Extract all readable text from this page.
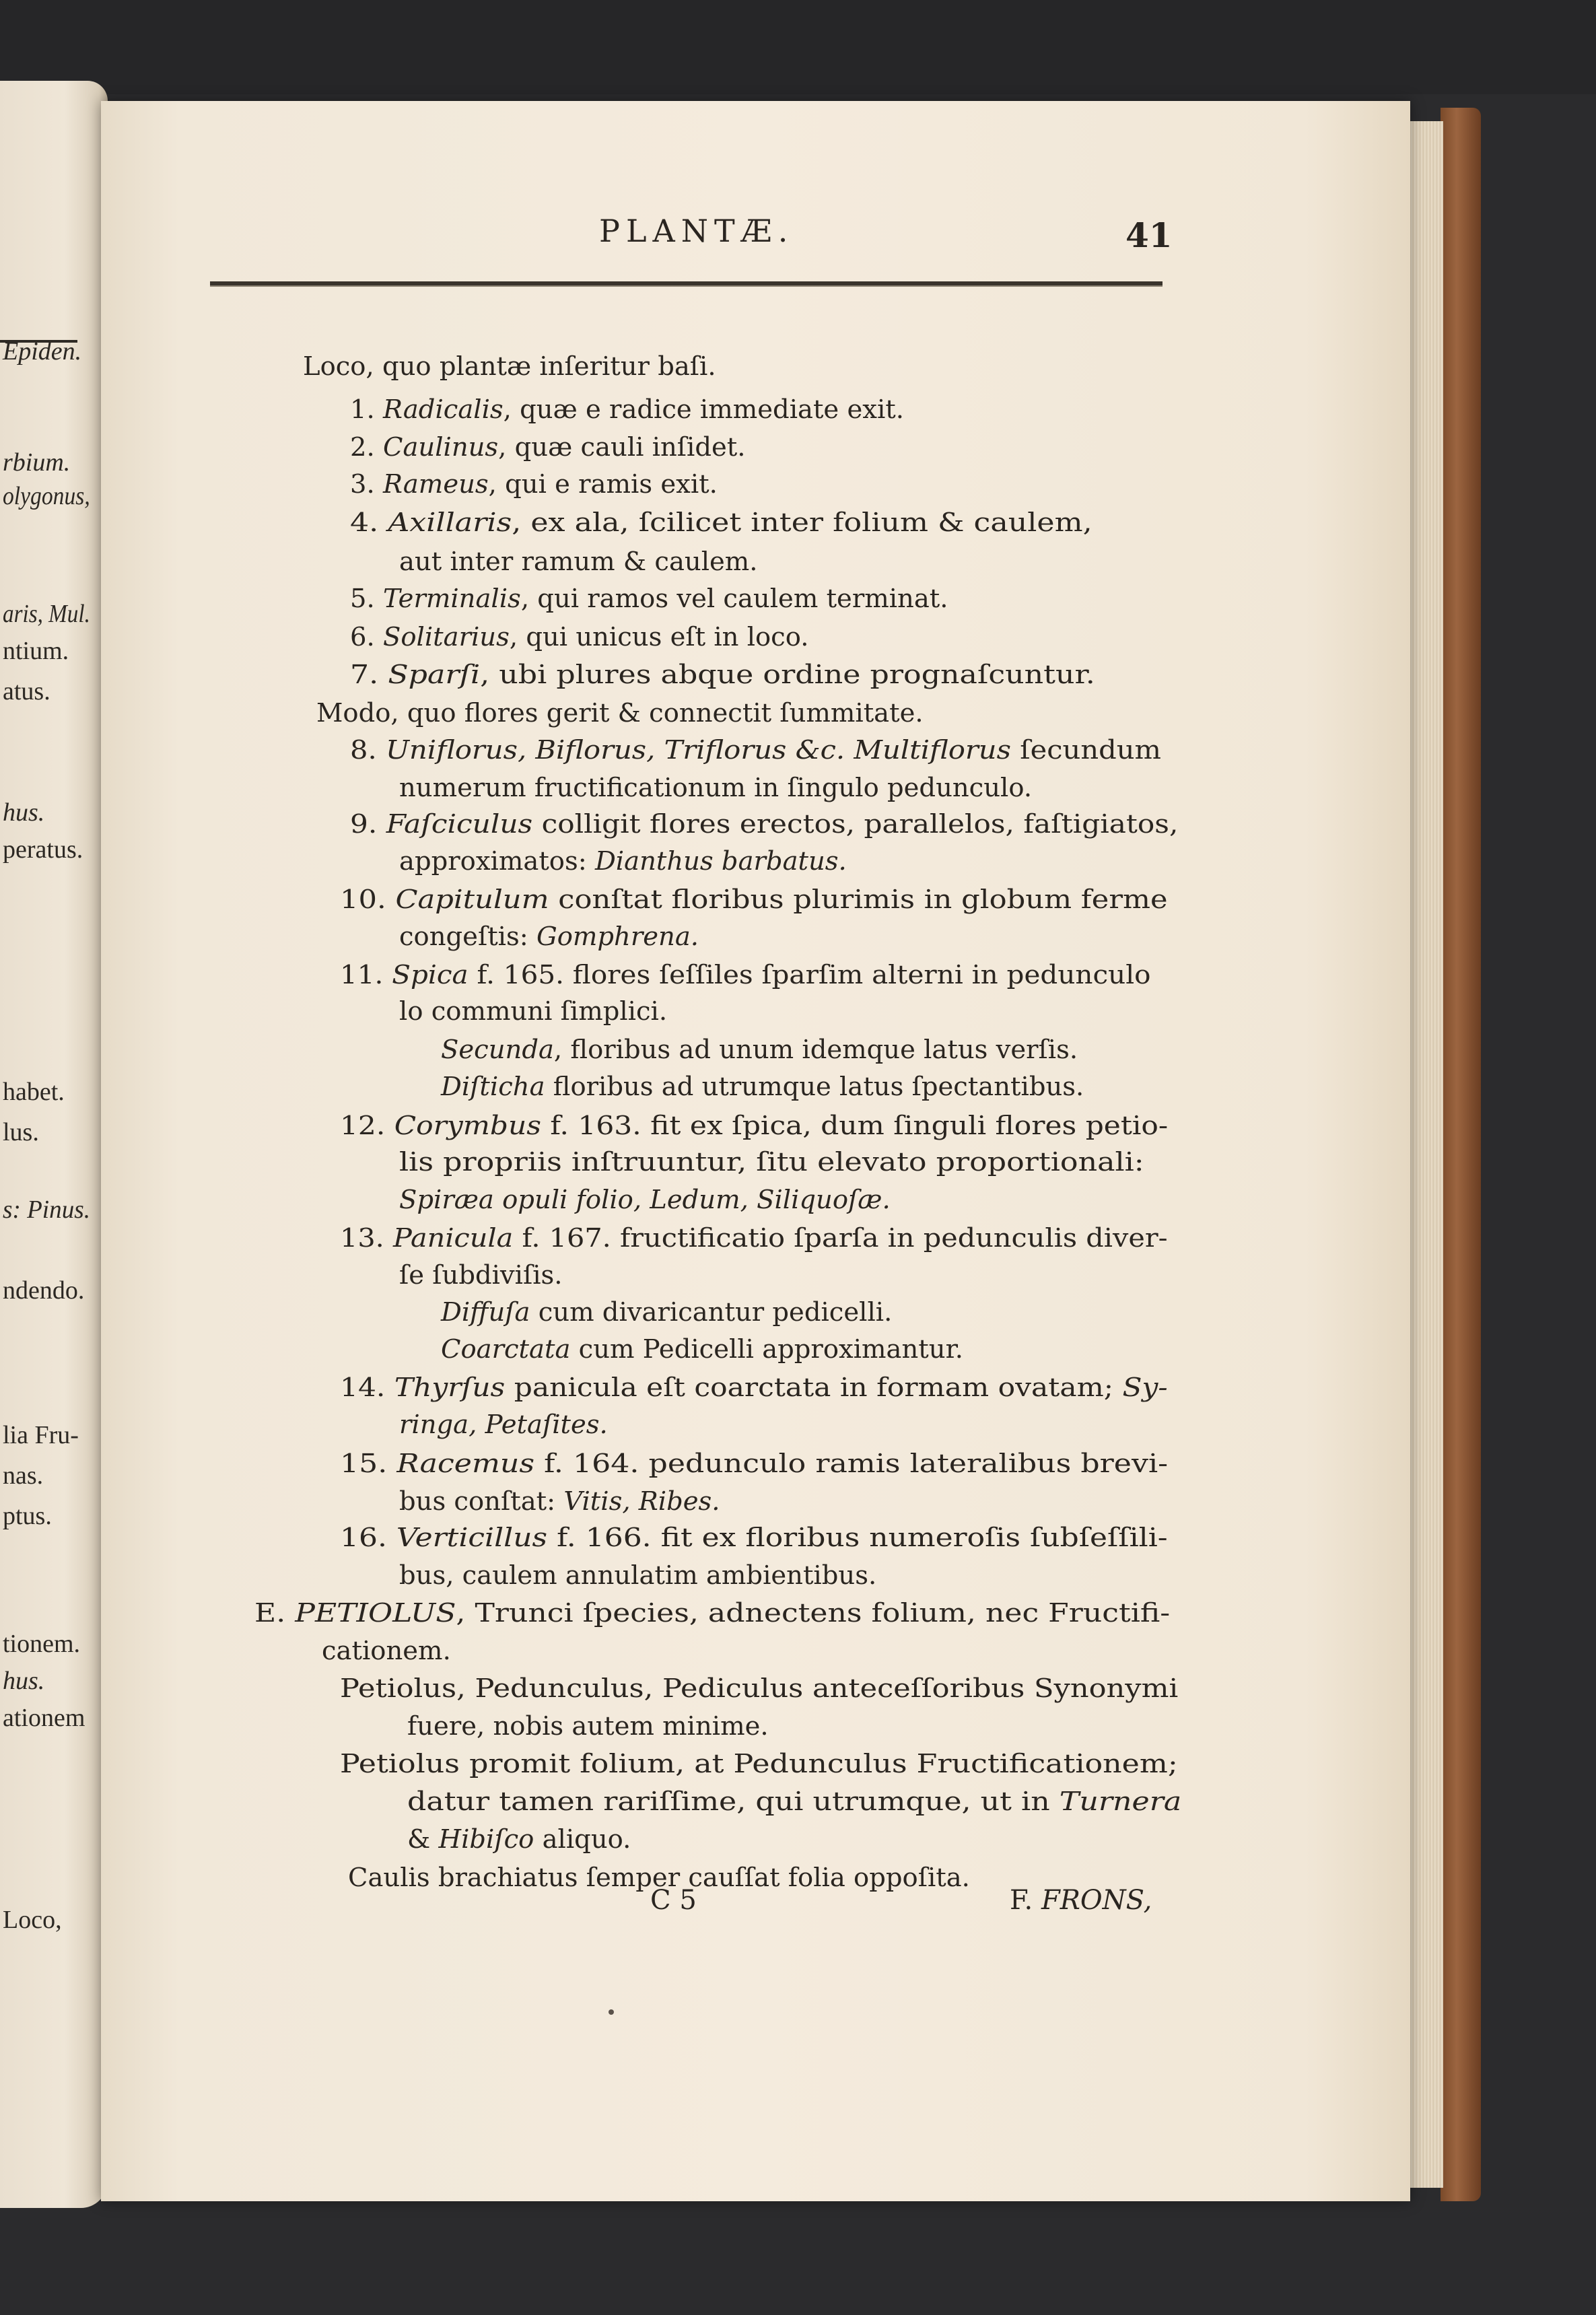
Epiden.
rbium.
olygonus,
aris, Mul.
ntium.
atus.
hus.
peratus.
habet.
lus.
s: Pinus.
ndendo.
lia Fru-
nas.
ptus.
tionem.
hus.
ationem
Loco,
PLANTÆ.	41
Loco, quo plantæ inſeritur baſi.
1. Radicalis, quæ e radice immediate exit.
2. Caulinus, quæ cauli inſidet.
3. Rameus, qui e ramis exit.
4. Axillaris, ex ala, ſcilicet inter folium & caulem,
aut inter ramum & caulem.
5. Terminalis, qui ramos vel caulem terminat.
6. Solitarius, qui unicus eſt in loco.
7. Sparſi, ubi plures abque ordine prognaſcuntur.
Modo, quo flores gerit & connectit ſummitate.
8. Uniflorus, Biflorus, Triflorus &c. Multiflorus ſecundum
numerum fructificationum in ſingulo pedunculo.
9. Faſciculus colligit flores erectos, parallelos, faſtigiatos,
approximatos: Dianthus barbatus.
10. Capitulum conſtat floribus plurimis in globum ferme
congeſtis: Gomphrena.
11. Spica f. 165. flores ſeſſiles ſparſim alterni in pedunculo
lo communi ſimplici.
Secunda, floribus ad unum idemque latus verſis.
Diſticha floribus ad utrumque latus ſpectantibus.
12. Corymbus f. 163. fit ex ſpica, dum ſinguli flores petio-
lis propriis inſtruuntur, ſitu elevato proportionali:
Spiræa opuli folio, Ledum, Siliquoſæ.
13. Panicula f. 167. fructificatio ſparſa in pedunculis diver-
ſe ſubdiviſis.
Diffuſa cum divaricantur pedicelli.
Coarctata cum Pedicelli approximantur.
14. Thyrſus panicula eſt coarctata in formam ovatam; Sy-
ringa, Petaſites.
15. Racemus f. 164. pedunculo ramis lateralibus brevi-
bus conſtat: Vitis, Ribes.
16. Verticillus f. 166. fit ex floribus numeroſis ſubſeſſili-
bus, caulem annulatim ambientibus.
E. PETIOLUS, Trunci ſpecies, adnectens folium, nec Fructifi-
cationem.
Petiolus, Pedunculus, Pediculus anteceſſoribus Synonymi
fuere, nobis autem minime.
Petiolus promit folium, at Pedunculus Fructificationem;
datur tamen rariſſime, qui utrumque, ut in Turnera
& Hibiſco aliquo.
Caulis brachiatus ſemper cauſſat folia oppoſita.
C 5	F. FRONS,
